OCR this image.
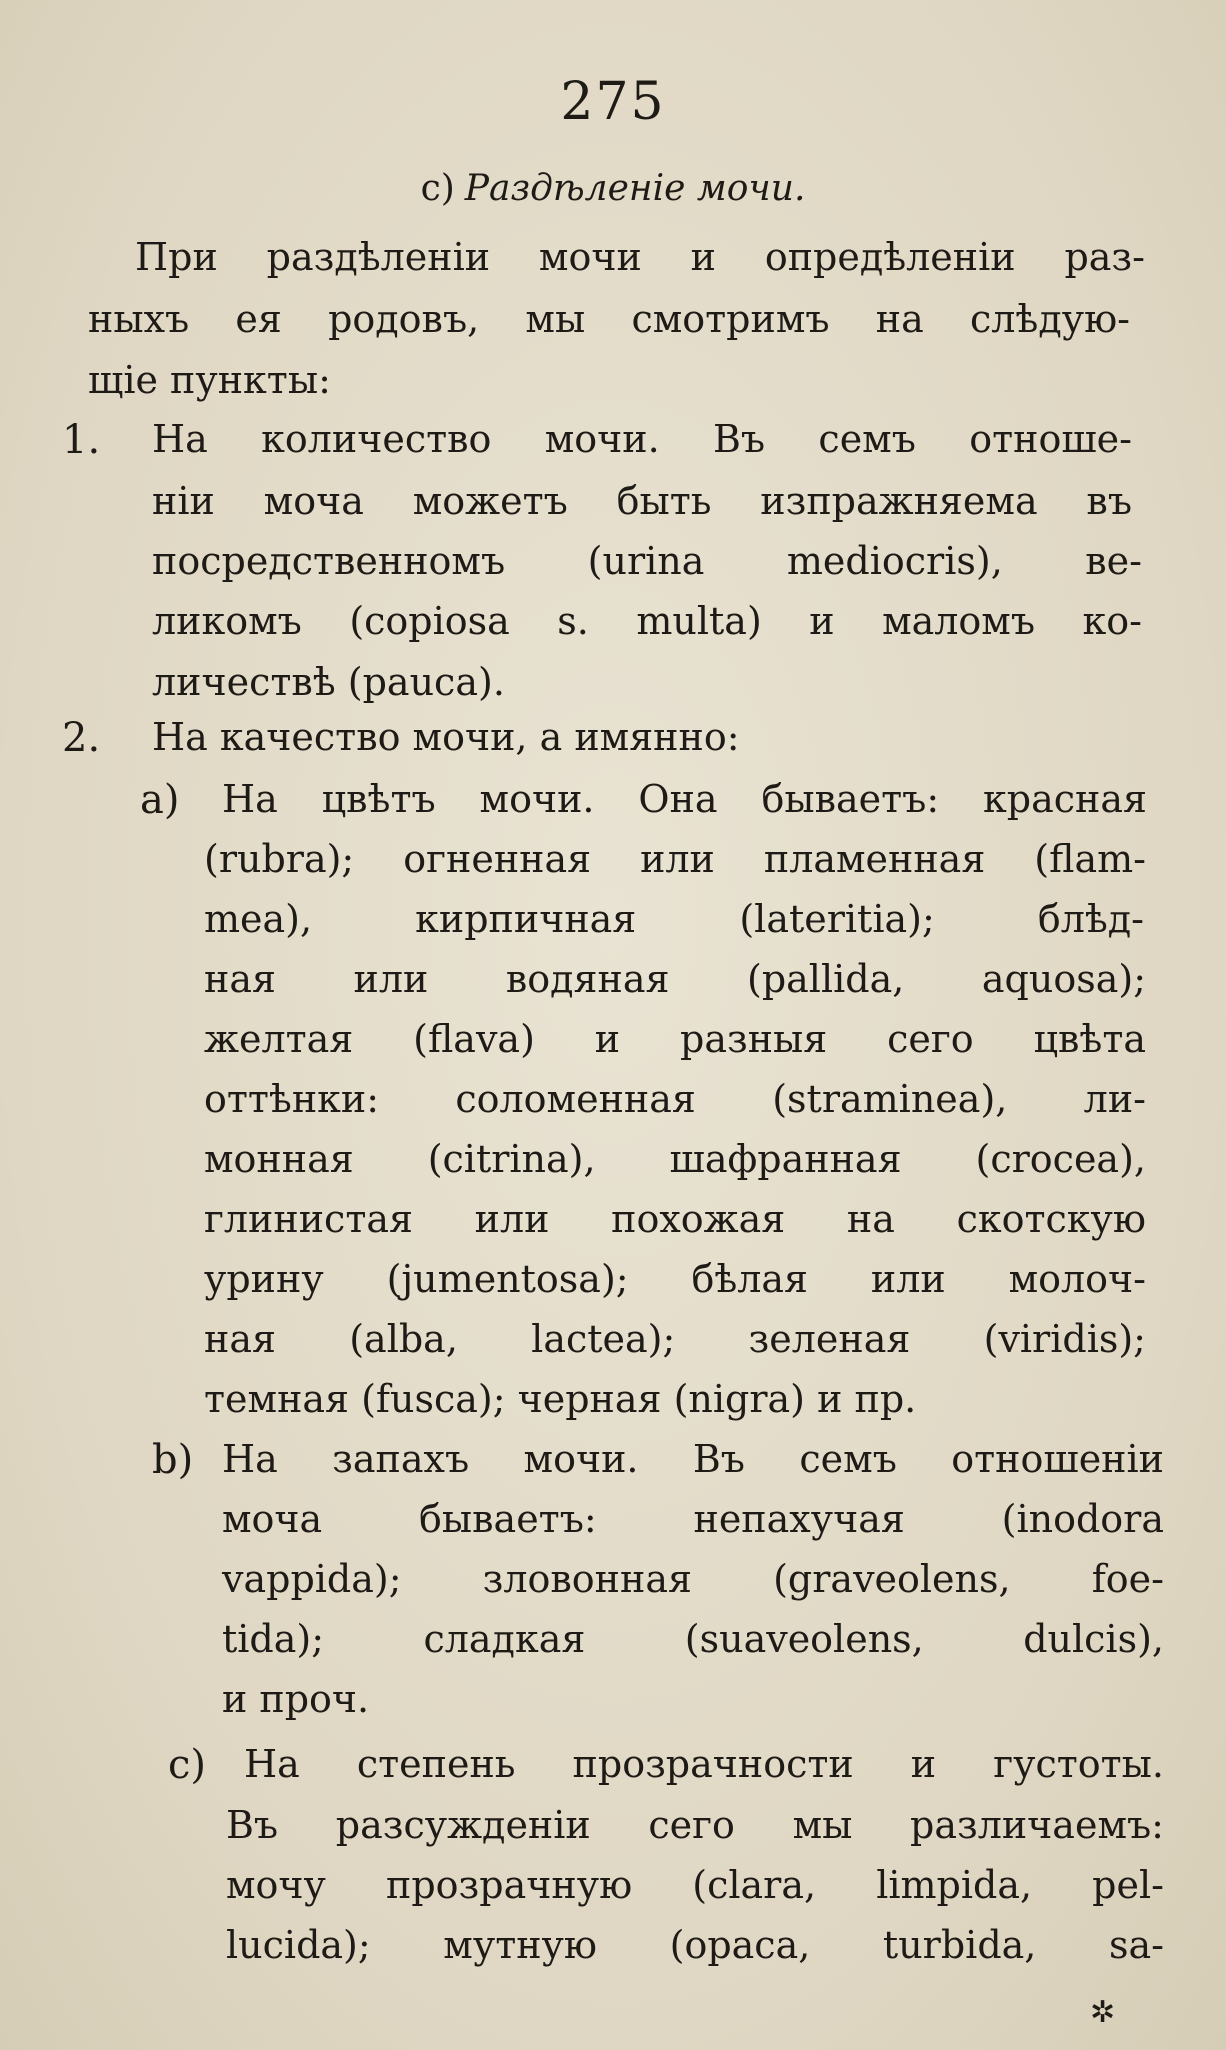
275
c) Раздѣленіе мочи.
При раздѣленіи мочи и опредѣленіи раз-
ныхъ ея родовъ, мы смотримъ на слѣдую-
щіе пункты:
1. На количество мочи. Въ семъ отноше-
ніи моча можетъ быть изпражняема въ
посредственномъ (urina mediocris), ве-
ликомъ (copiosa s. multa) и маломъ ко-
личествѣ (pauca).
2. На качество мочи, а имянно:
a) На цвѣтъ мочи. Она бываетъ: красная
(rubra); огненная или пламенная (flam-
mea), кирпичная (lateritia); блѣд-
ная или водяная (pallida, aquosa);
желтая (flava) и разныя сего цвѣта
оттѣнки: соломенная (straminea), ли-
монная (citrina), шафранная (crocea),
глинистая или похожая на скотскую
урину (jumentosa); бѣлая или молоч-
ная (alba, lactea); зеленая (viridis);
темная (fusca); черная (nigra) и пр.
b) На запахъ мочи. Въ семъ отношеніи
моча бываетъ: непахучая (inodora
vappida); зловонная (graveolens, foe-
tida); сладкая (suaveolens, dulcis),
и проч.
c) На степень прозрачности и густоты.
Въ разсужденіи сего мы различаемъ:
мочу прозрачную (clara, limpida, pel-
lucida); мутную (opaca, turbida, sa-
✲
